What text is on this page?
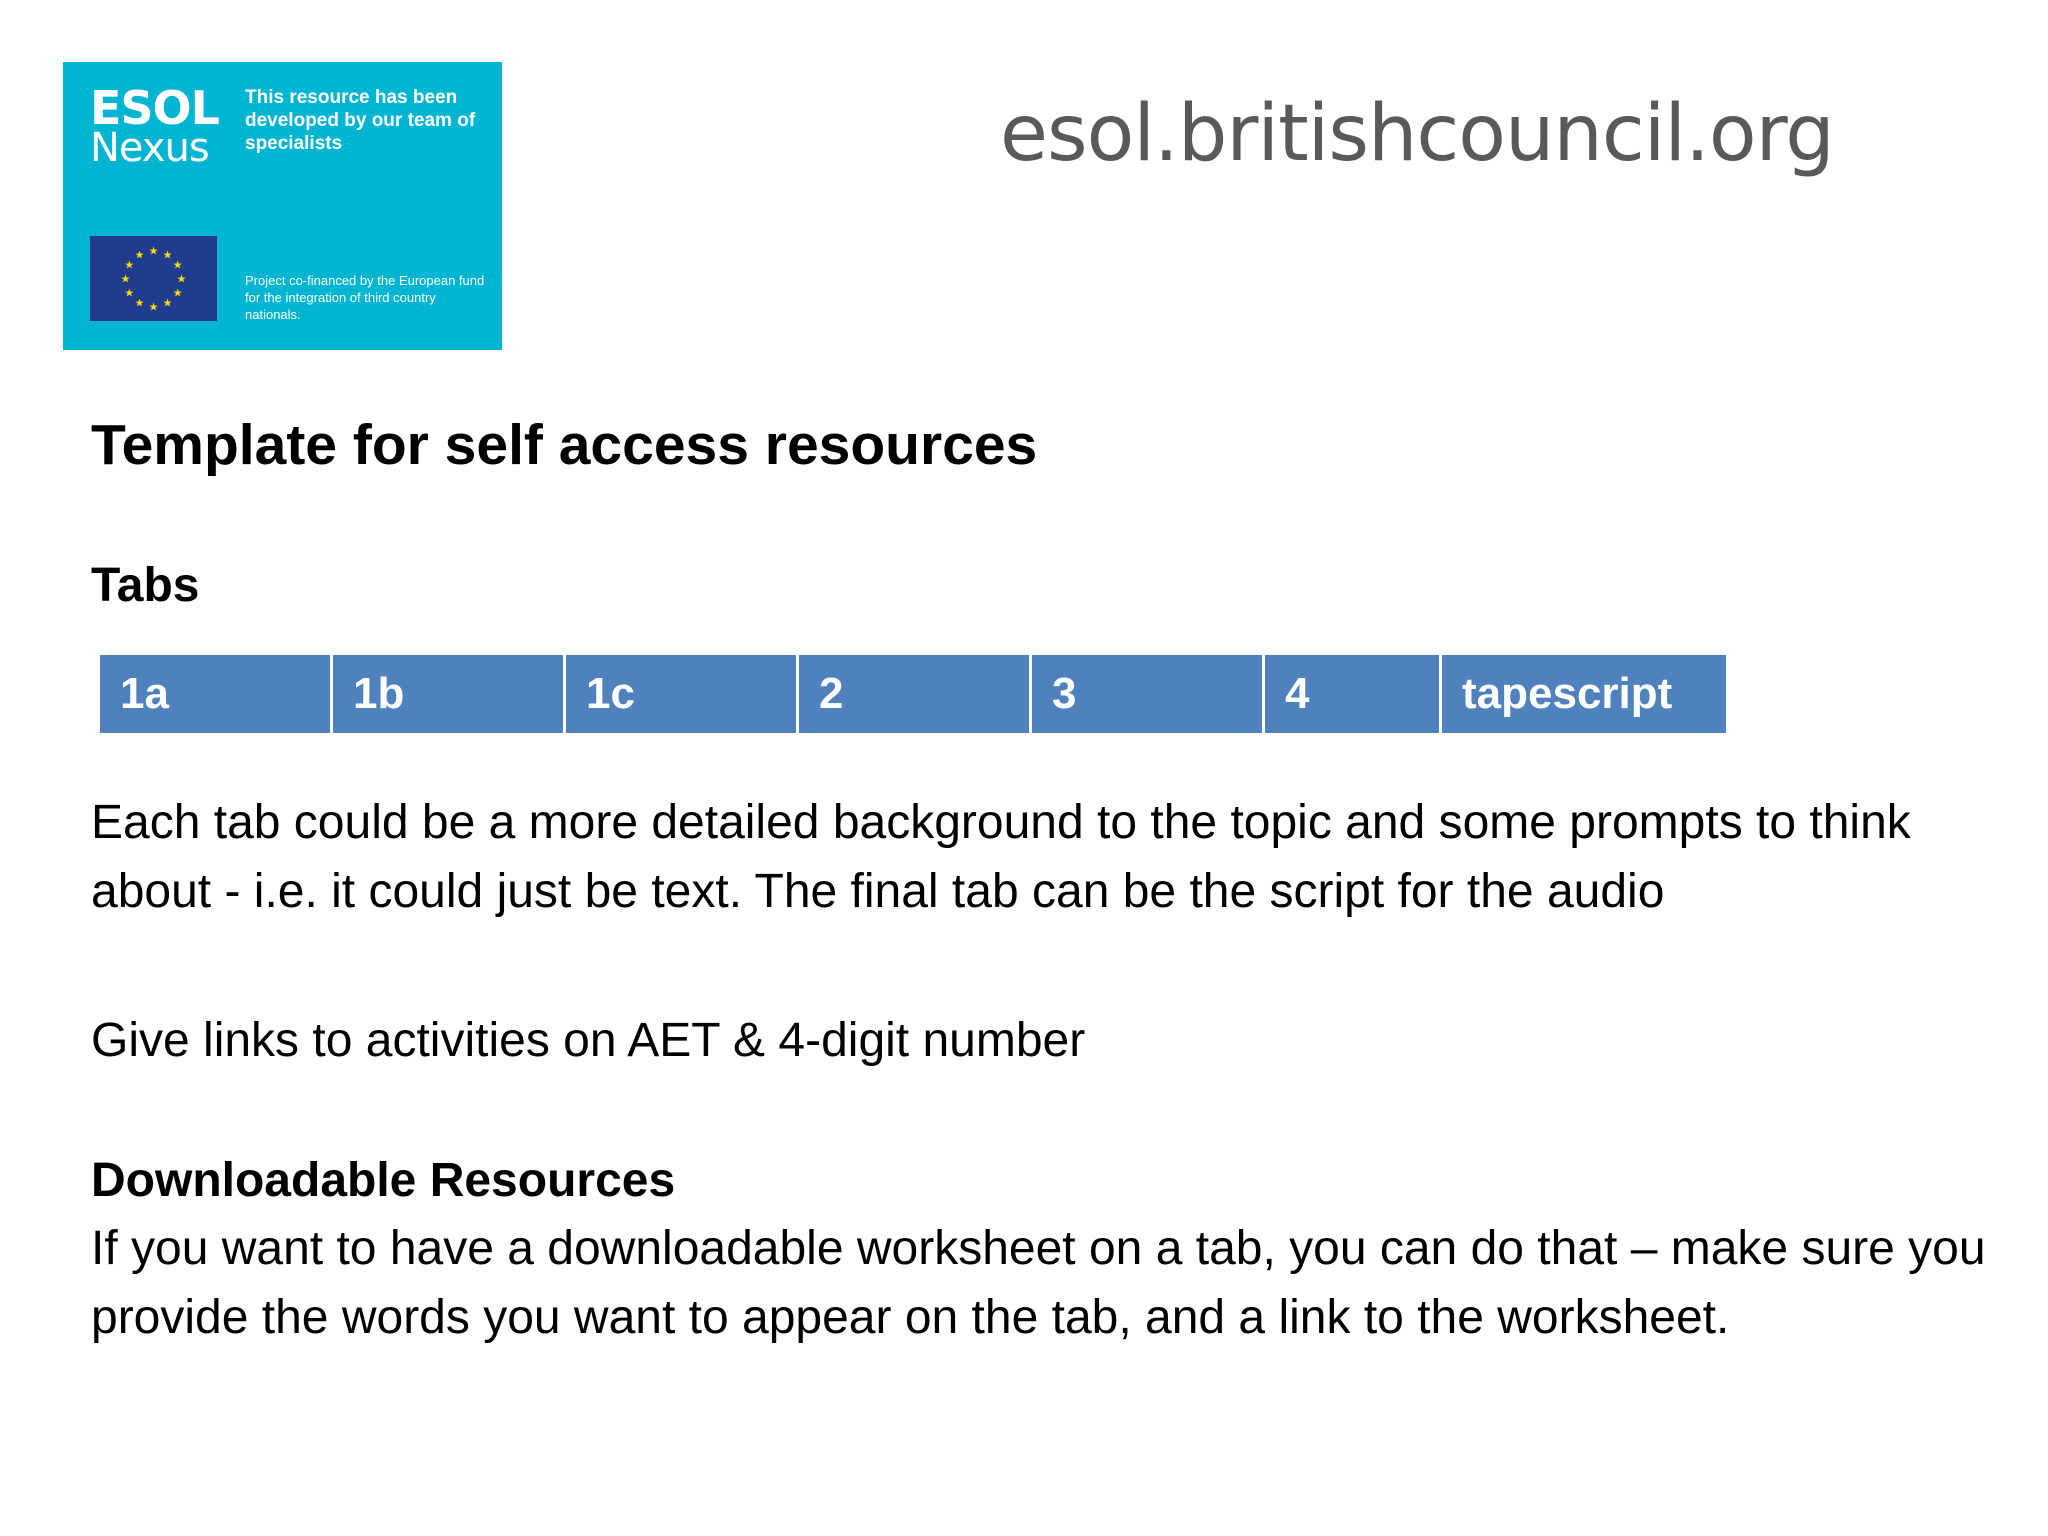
ESOL
Nexus
This resource has been developed by our team of specialists
★ ★
★
★
★
★
★
★
★
★
★
★
Project co-financed by the European fund for the integration of third country nationals.
esol.britishcouncil.org
Template for self access resources
Tabs
1a	1b	1c	2	3	4	tapescript
Each tab could be a more detailed background to the topic and some prompts to think about - i.e. it could just be text. The final tab can be the script for the audio
Give links to activities on AET & 4-digit number
Downloadable Resources
If you want to have a downloadable worksheet on a tab, you can do that – make sure you provide the words you want to appear on the tab, and a link to the worksheet.
